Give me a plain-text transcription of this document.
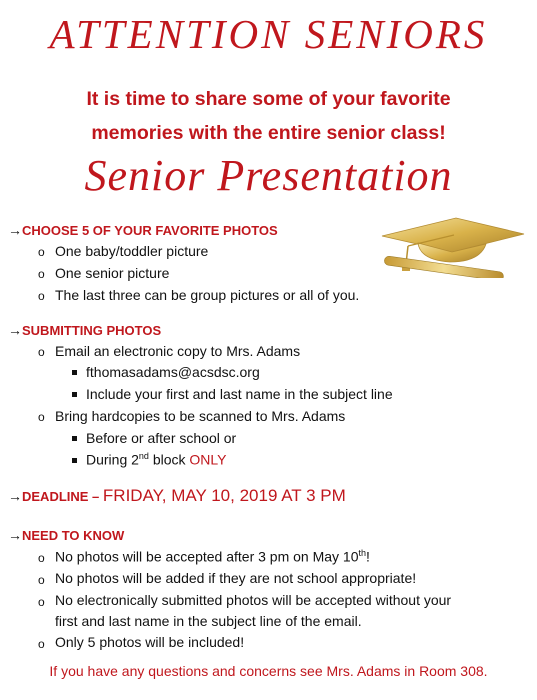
ATTENTION SENIORS
It is time to share some of your favorite
memories with the entire senior class!
Senior Presentation
→CHOOSE 5 OF YOUR FAVORITE PHOTOS
o One baby/toddler picture
o One senior picture
o The last three can be group pictures or all of you.
→SUBMITTING PHOTOS
o Email an electronic copy to Mrs. Adams
fthomasadams@acsdsc.org
Include your first and last name in the subject line
o Bring hardcopies to be scanned to Mrs. Adams
Before or after school or
During 2nd block ONLY
→DEADLINE – FRIDAY, MAY 10, 2019 AT 3 PM
→NEED TO KNOW
o No photos will be accepted after 3 pm on May 10th!
o No photos will be added if they are not school appropriate!
o No electronically submitted photos will be accepted without your
first and last name in the subject line of the email.
o Only 5 photos will be included!
If you have any questions and concerns see Mrs. Adams in Room 308.
